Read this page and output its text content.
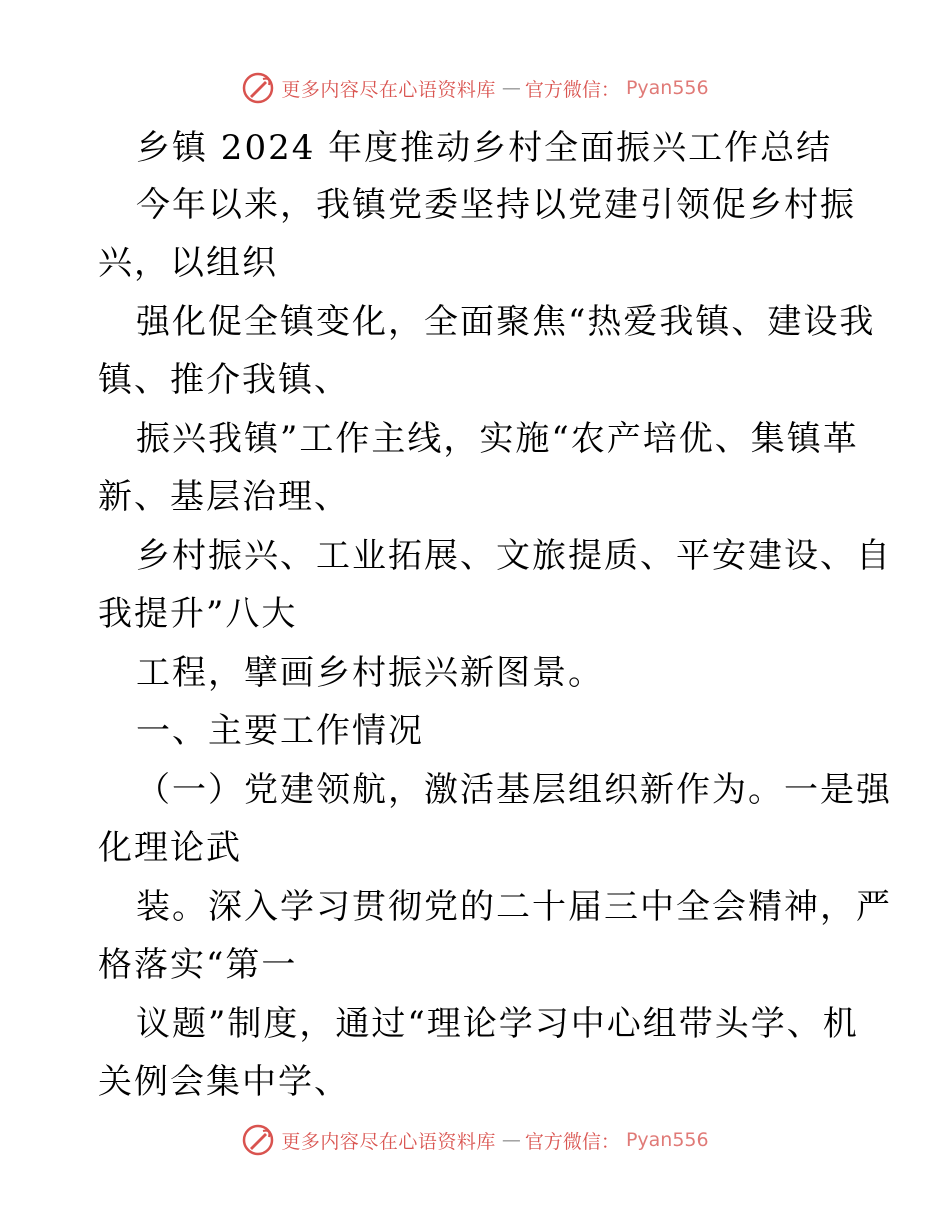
更多内容尽在心语资料库 — 官方微信： Pyan556
乡镇 2024 年度推动乡村全面振兴工作总结
今年以来，我镇党委坚持以党建引领促乡村振
兴，以组织
强化促全镇变化，全面聚焦“热爱我镇、建设我
镇、推介我镇、
振兴我镇”工作主线，实施“农产培优、集镇革
新、基层治理、
乡村振兴、工业拓展、文旅提质、平安建设、自
我提升”八大
工程，擘画乡村振兴新图景。
一、主要工作情况
（一）党建领航，激活基层组织新作为。一是强
化理论武
装。深入学习贯彻党的二十届三中全会精神，严
格落实“第一
议题”制度，通过“理论学习中心组带头学、机
关例会集中学、
更多内容尽在心语资料库 — 官方微信： Pyan556
